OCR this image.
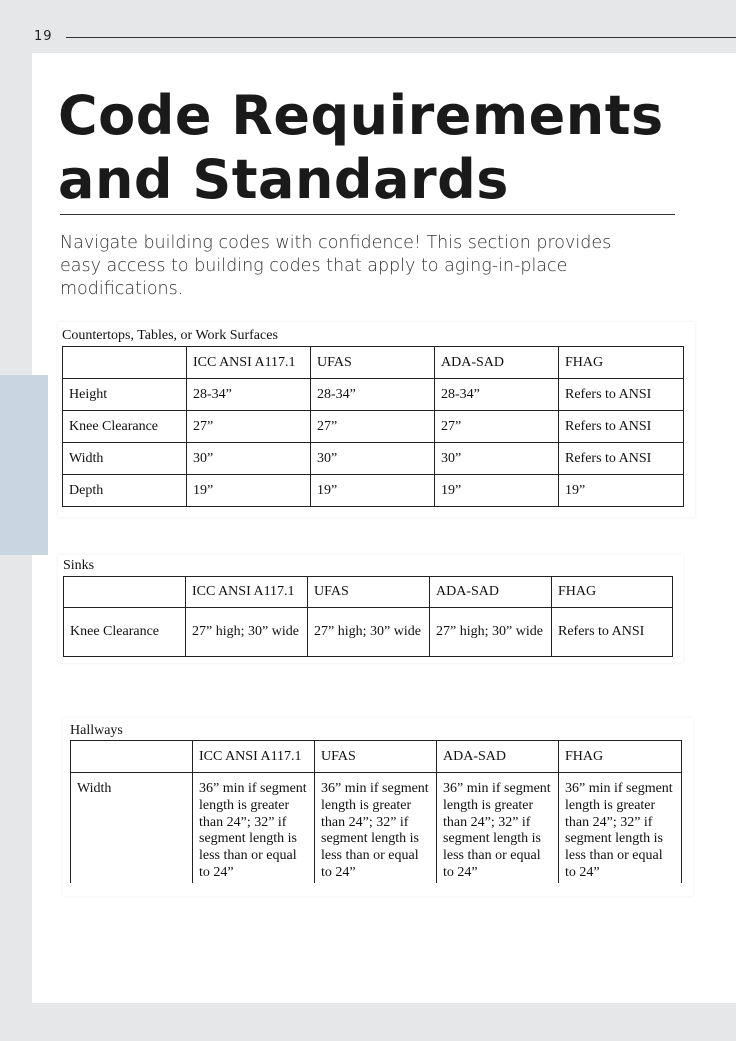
19
Code Requirements and Standards

Navigate building codes with confidence! This section provides easy access to building codes that apply to aging-in-place modifications.

Countertops, Tables, or Work Surfaces
	ICC ANSI A117.1	UFAS	ADA-SAD	FHAG
Height	28-34”	28-34”	28-34”	Refers to ANSI
Knee Clearance	27”	27”	27”	Refers to ANSI
Width	30”	30”	30”	Refers to ANSI
Depth	19”	19”	19”	19”
Sinks
	ICC ANSI A117.1	UFAS	ADA-SAD	FHAG
Knee Clearance	27” high; 30” wide	27” high; 30” wide	27” high; 30” wide	Refers to ANSI
Hallways
	ICC ANSI A117.1	UFAS	ADA-SAD	FHAG
Width	36” min if segment length is greater than 24”; 32” if segment length is less than or equal to 24”	36” min if segment length is greater than 24”; 32” if segment length is less than or equal to 24”	36” min if segment length is greater than 24”; 32” if segment length is less than or equal to 24”	36” min if segment length is greater than 24”; 32” if segment length is less than or equal to 24”
